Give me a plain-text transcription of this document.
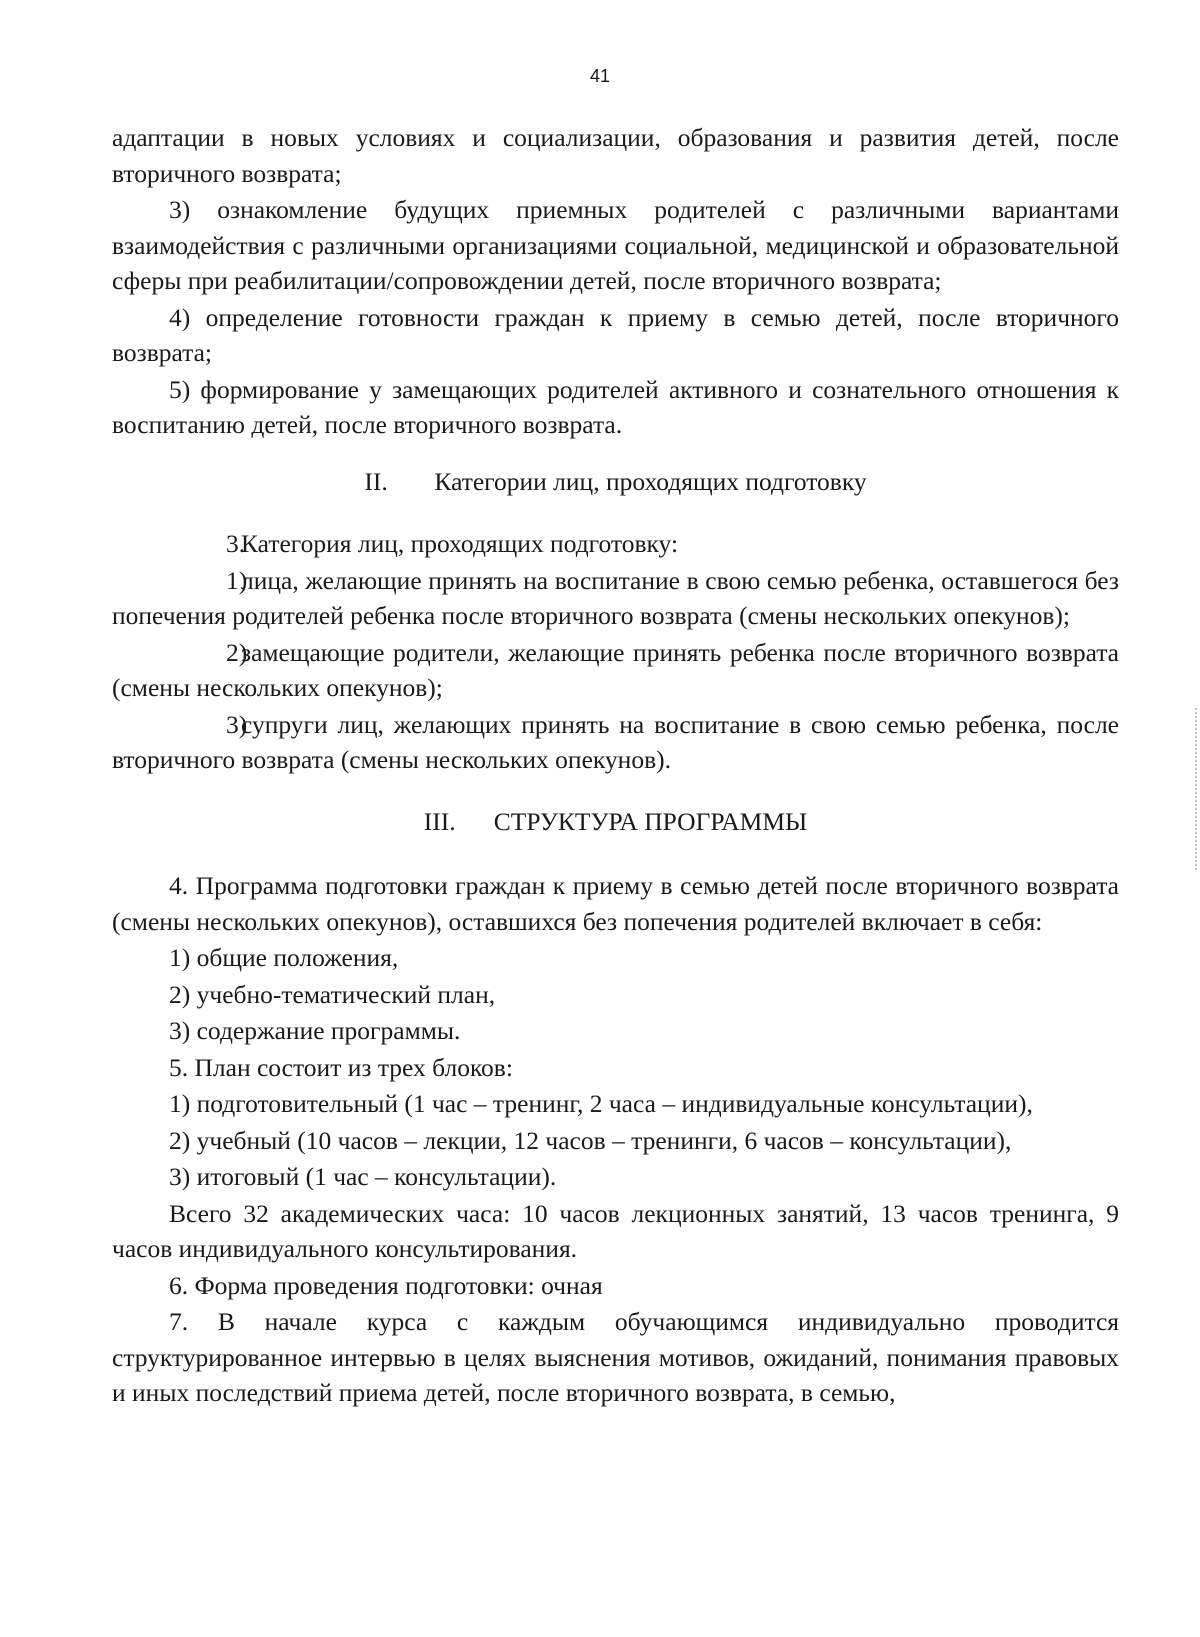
41

адаптации в новых условиях и социализации, образования и развития детей, после вторичного возврата;

3) ознакомление будущих приемных родителей с различными вариантами взаимодействия с различными организациями социальной, медицинской и образовательной сферы при реабилитации/сопровождении детей, после вторичного возврата;

4) определение готовности граждан к приему в семью детей, после вторичного возврата;

5) формирование у замещающих родителей активного и сознательного отношения к воспитанию детей, после вторичного возврата.

II. Категории лиц, проходящих подготовку

3.Категория лиц, проходящих подготовку:

1)лица, желающие принять на воспитание в свою семью ребенка, оставшегося без попечения родителей ребенка после вторичного возврата (смены нескольких опекунов);

2)замещающие родители, желающие принять ребенка после вторичного возврата (смены нескольких опекунов);

3)супруги лиц, желающих принять на воспитание в свою семью ребенка, после вторичного возврата (смены нескольких опекунов).

III. СТРУКТУРА ПРОГРАММЫ

4. Программа подготовки граждан к приему в семью детей после вторичного возврата (смены нескольких опекунов), оставшихся без попечения родителей включает в себя:

1) общие положения,

2) учебно-тематический план,

3) содержание программы.

5. План состоит из трех блоков:

1) подготовительный (1 час – тренинг, 2 часа – индивидуальные консультации),

2) учебный (10 часов – лекции, 12 часов – тренинги, 6 часов – консультации),

3) итоговый (1 час – консультации).

Всего 32 академических часа: 10 часов лекционных занятий, 13 часов тренинга, 9 часов индивидуального консультирования.

6. Форма проведения подготовки: очная

7. В начале курса с каждым обучающимся индивидуально проводится структурированное интервью в целях выяснения мотивов, ожиданий, понимания правовых и иных последствий приема детей, после вторичного возврата, в семью,
